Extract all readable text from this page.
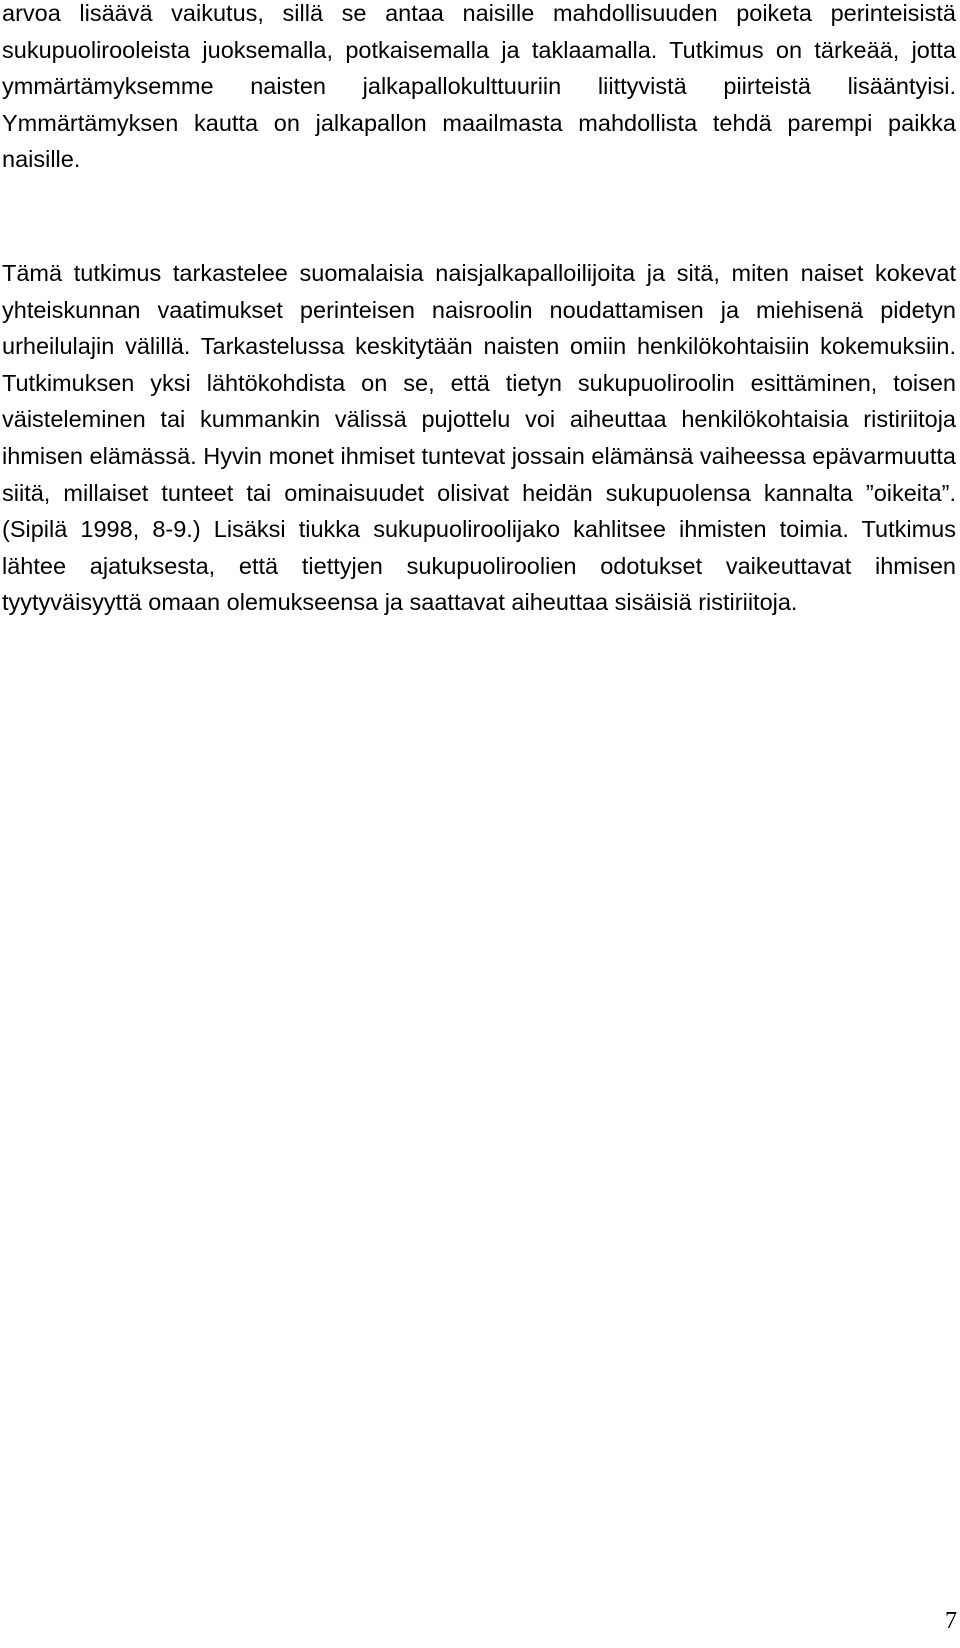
arvoa lisäävä vaikutus, sillä se antaa naisille mahdollisuuden poiketa perinteisistä sukupuolirooleista juoksemalla, potkaisemalla ja taklaamalla. Tutkimus on tärkeää, jotta ymmärtämyksemme naisten jalkapallokulttuuriin liittyvistä piirteistä lisääntyisi. Ymmärtämyksen kautta on jalkapallon maailmasta mahdollista tehdä parempi paikka naisille.

Tämä tutkimus tarkastelee suomalaisia naisjalkapalloilijoita ja sitä, miten naiset kokevat yhteiskunnan vaatimukset perinteisen naisroolin noudattamisen ja miehisenä pidetyn urheilulajin välillä. Tarkastelussa keskitytään naisten omiin henkilökohtaisiin kokemuksiin. Tutkimuksen yksi lähtökohdista on se, että tietyn sukupuoliroolin esittäminen, toisen väisteleminen tai kummankin välissä pujottelu voi aiheuttaa henkilökohtaisia ristiriitoja ihmisen elämässä. Hyvin monet ihmiset tuntevat jossain elämänsä vaiheessa epävarmuutta siitä, millaiset tunteet tai ominaisuudet olisivat heidän sukupuolensa kannalta ”oikeita”. (Sipilä 1998, 8-9.) Lisäksi tiukka sukupuoliroolijako kahlitsee ihmisten toimia. Tutkimus lähtee ajatuksesta, että tiettyjen sukupuoliroolien odotukset vaikeuttavat ihmisen tyytyväisyyttä omaan olemukseensa ja saattavat aiheuttaa sisäisiä ristiriitoja.

7
